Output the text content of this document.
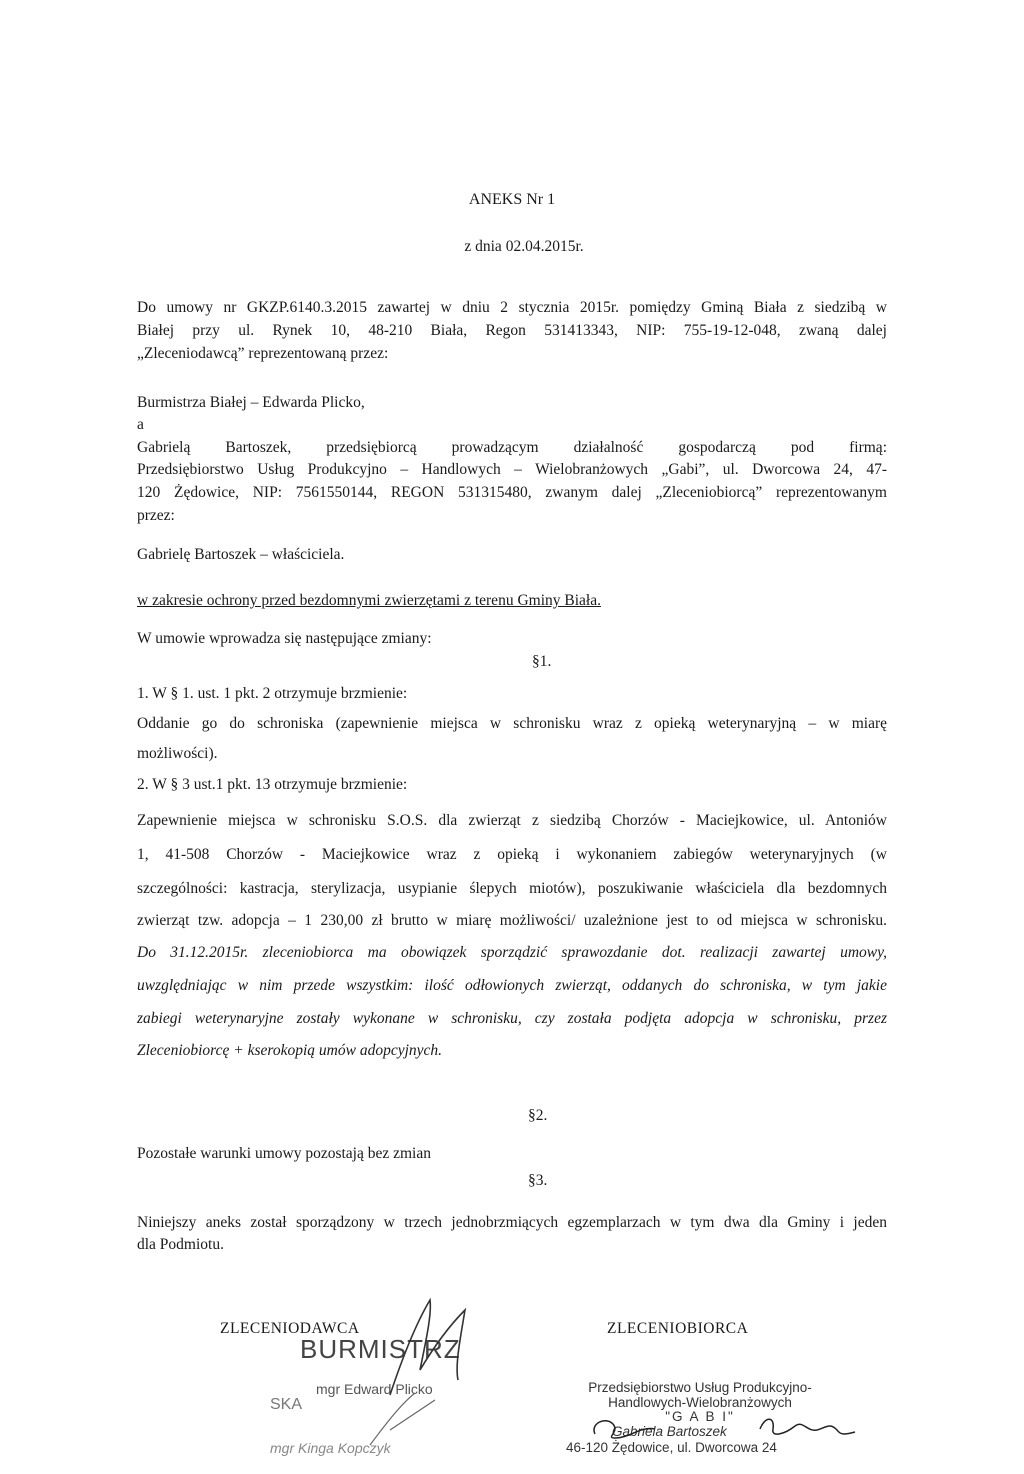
ANEKS Nr 1
z dnia 02.04.2015r.
Do umowy nr GKZP.6140.3.2015 zawartej w dniu 2 stycznia 2015r. pomiędzy Gminą Biała z siedzibą w
Białej przy ul. Rynek 10, 48-210 Biała, Regon 531413343, NIP: 755-19-12-048, zwaną dalej
„Zleceniodawcą” reprezentowaną przez:
Burmistrza Białej – Edwarda Plicko,
a
Gabrielą Bartoszek, przedsiębiorcą prowadzącym działalność gospodarczą pod firmą:
Przedsiębiorstwo Usług Produkcyjno – Handlowych – Wielobranżowych „Gabi”, ul. Dworcowa 24, 47-
120 Żędowice, NIP: 7561550144, REGON 531315480, zwanym dalej „Zleceniobiorcą” reprezentowanym
przez:
Gabrielę Bartoszek – właściciela.
w zakresie ochrony przed bezdomnymi zwierzętami z terenu Gminy Biała.
W umowie wprowadza się następujące zmiany:
§1.
1. W § 1. ust. 1 pkt. 2 otrzymuje brzmienie:
Oddanie go do schroniska (zapewnienie miejsca w schronisku wraz z opieką weterynaryjną – w miarę
możliwości).
2. W § 3 ust.1 pkt. 13 otrzymuje brzmienie:
Zapewnienie miejsca w schronisku S.O.S. dla zwierząt z siedzibą Chorzów - Maciejkowice, ul. Antoniów
1, 41-508 Chorzów - Maciejkowice wraz z opieką i wykonaniem zabiegów weterynaryjnych (w
szczególności: kastracja, sterylizacja, usypianie ślepych miotów), poszukiwanie właściciela dla bezdomnych
zwierząt tzw. adopcja – 1 230,00 zł brutto w miarę możliwości/ uzależnione jest to od miejsca w schronisku.
Do 31.12.2015r. zleceniobiorca ma obowiązek sporządzić sprawozdanie dot. realizacji zawartej umowy,
uwzględniając w nim przede wszystkim: ilość odłowionych zwierząt, oddanych do schroniska, w tym jakie
zabiegi weterynaryjne zostały wykonane w schronisku, czy została podjęta adopcja w schronisku, przez
Zleceniobiorcę + kserokopią umów adopcyjnych.
§2.
Pozostałe warunki umowy pozostają bez zmian
§3.
Niniejszy aneks został sporządzony w trzech jednobrzmiących egzemplarzach w tym dwa dla Gminy i jeden
dla Podmiotu.
ZLECENIODAWCA
BURMISTRZ
mgr Edward Plicko
SKA
mgr Kinga Kopczyk
ZLECENIOBIORCA
Przedsiębiorstwo Usług Produkcyjno-
Handlowych-Wielobranżowych
"G A B I"
Gabriela Bartoszek
46-120 Żędowice, ul. Dworcowa 24
